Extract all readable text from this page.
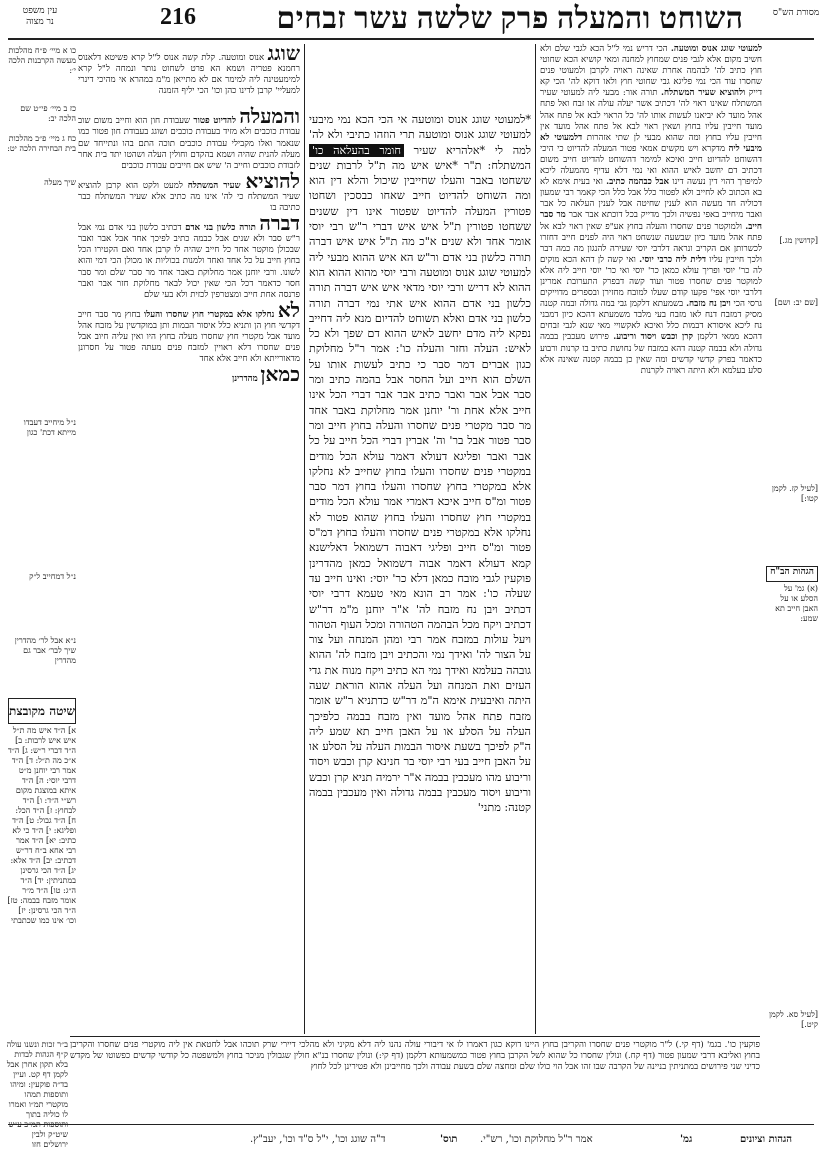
עין משפט
נר מצוה	216	השוחט והמעלה פרק שלשה עשר זבחים	מסורת הש"ס
כו א מיי׳ פ״ח מהלכות מעשה הקרבנות הלכה י׳:
כז ב מיי׳ פי״ט שם הלכה יב:
כח ג מיי׳ פ״ב מהלכות בית הבחירה הלכה יט:
שיך מעלה
נ״ל מיחייב דעבדו מייתא דכת' כגון
נ״ל דמחייב ל״ק
נ״א אבל לר׳ מהדרין
שיך לבר׳ אבר גם מהדרין
שיטה מקובצת
א] ה״ד איש מה ת״ל איש איש לרבות: ב] ה״ד דברי ר״ש: ג] ה״ד א״כ מה ת״ל: ד] ה״ד אמר רבי יוחנן מ״ט דרבי יוסי: ה] ה״ד איתא במוצגת מקום רש״י ה״ד: ו] ה״ד לבחוץ: ז] ה״ד הכל: ח] ה״ד גבול: ט] ה״ד ופליגא: י] ה״ד כי לא כתיב: יא] ה״ד אמר רבי אחא ב״ח דר״ש דכתיב: יב] ה״ד אלא: יג] ה״ד הכי גרסינן במתניתין: יד] ה״ד ה״ג: טו] ה״ד מ״ר אומר מזבח בבמה: טז] ה״ד הכי גרסינן: יז] וכו׳ אינו כמו שכתבתי
ב״ר זכות ונשנו עולה ק״ף הגהות לבדות בלא תקון אחרן אבל לקמן דף קט. ועיין בד״ה פוקעין: ומיהו ותוספות תמהו מוקטרי תמ״ו ואמרו לו כוליה בתוך שיט״ק ולבין ירושלים חזו
שוגג אנוס ומוטעה. קלת קשה אנוס ל"ל קרא פשיטא דלאנוס רחמנא פטריה ושמא הא פרט לשחוט נותר ונמחה ל"ל קרא למימעטינה ליה למימר אם לא מתייאן מ"מ במהרא אי מהיכי דינרי למעליי' קרבן לדינו כהן וכו' הכי יליף הזמנה
והמעלה להדיוט פטור שעבודת חון הוא וחייב משום שוב עבודת כוכבים ולא מזיד בעבודת כוכבים ושוגג בעבודת חון פטור כמו שנאמר ואלו מקבילי עבודת כוכבים תוכה התם בהו ונתייחד שם מעלה להנית שהיה ושמא בהקדם וחולין העלה ושהטו יתד בית אחר לזבודת כוכבים וחייב ה' שיש אם חייבים עבודת כוכבים
להוציא שעיר המשתלח למעט ולקט הוא קרבן להוציא שעיר המשתלח כי לה' אינו מה כתיב אלא שעיר המשתלח כבר כתיבה בו
דברה תורה כלשון בני אדם דכתיב כלשון בני אדם נמי אבל ר"ש סבר ולא שנים אבל כבמה כתיב לפיכך אחד אבל אבר ואבר שבכולן מוקטר אחד כל חייב שהיה לו קרבן אחד ואם הקטירו הכל בחוץ חייב על כל אחד ואחד ולמנות בכוליות או מכולן הכי דמי והוא לשונו. ורבי יוחנן אמר מחלוקת באבר אחד מר סבר שלם ומר סבר חסר כדאמר דכל הכי שאין יכול לבאר מחלוקת חזר אבר ואבר פרנסה אחת חייב ומצטרפין לכזית ולא בעי שלם
לא נחלקו אלא במקטרי חוץ שחסרו והעלו בחוץ מר סבר חייב דקדשי חוץ הן ותניא כלל איסור הבמות ותן במוקדשין על מזבח אהל מועד אבל מקטרי חוץ שחסרו מעלה בחוץ היו ואין עליה חיוב אבל פנים שחסרו דלא ראויין למזבח פנים מעתה פטור על חסרונן מדאורייתא ולא חייב אלא אחד
כמאן מהדרינן
*למעוטי שוגג אנוס ומוטעה אי הכי הכא נמי מיבעי למעוטי שוגג אנוס ומוטעה תרי הוזהו כתיבי ולא לה' למה לי *אלהריא שעיר חומר בהעלאה כו' המשתלח: ת"ר *איש איש מה ת"ל לרבות שנים ששחטו באבר והעלו שחייבין שיכול והלא דין הוא ומה השוחט להדיוט חייב שאחו כבסכין ושחטו פטורין המעלה להדיוט שפטור אינו דין ששנים ששחטו פטורין ת"ל איש איש דברי ר"ש רבי יוסי אומר אחד ולא שנים א"כ מה ת"ל איש איש דברה תורה כלשון בני אדם ור"ש הא איש ההוא מבעי ליה למעוטי שוגג אנוס ומוטעה ורבי יוסי מהוא ההוא הוא ההוא לא דריש ורבי יוסי מדאי איש איש דברה תורה כלשון בני אדם ההוא איש אתי נמי דברה תורה כלשון בני אדם ואלא תשוחט להדיום מנא ליה דחייב נפקא ליה מדם יחשב לאיש ההוא דם שפך ולא כל לאיש: העלה וחזר והעלה כו': אמר ר"ל מחלוקת כגון אברים דמר סבר כי כתיב לעשות אותו על השלם הוא חייב ועל החסר אבל בהמה כתיב ומר סבר אבל אבר ואבר כתיב אבר אבר דברי הכל אינו חייב אלא אחת ור' יוחנן אמר מחלוקת באבר אחד מר סבר מקטרי פנים שחסרו והעלה בחוץ חייב ומר סבר פטור אבל בר' וה' אברין דברי הכל חייב על כל אבר ואבר ופליגא דעולא דאמר עולא הכל מודים במקטרי פנים שחסרו והעלו בחוץ שחייב לא נחלקו אלא במקטרי בחוץ שחסרו והעלו בחוץ דמר סבר פטור ומ"ס חייב איכא דאמרי אמר עולא הכל מודים במקטרי חוץ שחסרו והעלו בחוץ שהוא פטור לא נחלקו אלא במקטרי פנים שחסרו והעלו בחוץ דמ"ס פטור ומ"ס חייב ופליגי דאבוה דשמואל דאלישנא קמא דעולא דאמר אבוה דשמואל כמאן מהדרינן פוקעין לגבי מובח כמאן דלא כר' יוסי: ואינו חייב עד שעלה כו': אמר רב הונא מאי טעמא דרבי יוסי דכתיב ויבן נח מזבח לה' א"ר יוחנן מ"מ דר"ש דכתיב ויקח מכל הבהמה הטהורה ומכל העוף הטהור ויעל עולות במזבח אמר רבי ומהן המנחה ועל צור על הצור לה' ואידך נמי והכתיב ויבן מזבח לה' ההוא גובהה בעלמא ואידך נמי הא כתיב ויקח מנוח את גדי העזים ואת המנחה ועל העלה אהוא הוראת שעה היתה ואיבעית אימא ה"מ דר"ש כדתניא ר"ש אומר מזבח פתח אהל מועד ואין מזבח בבמה כלפיכך העלה על הסלע או על האבן חייב תא שמע ליה ה"ק לפיכך בשעת איסור הבמות העלה על הסלע או על האבן חייב בעי רבי יוסי בר חנינא קרן וכבש ויסוד וריבוע מהו מעכבין בבמה א"ר ירמיה תניא קרן וכבש וריבוע ויסוד מעכבין בבמה גדולה ואין מעכבין בבמה קטנה: מתני'
למעוטי שוגג אנוס ומוטעה. הכי דריש נמי ל"ל הכא לגבי שלם ולא חשיב מקום אלא לגבי פנים שמחוץ למחנה ומאי קושיא הכא שחוטי חוץ כתיב לה' לבהמה אחרת שאינה ראויה לקרבן ולמעוטי פנים שחסרו עוד הכי נמי פליגא גבי שחוטי חוץ ולאו דוקא לה' הכי קא דייק ולהוציא שעיר המשתלח. תורה אור: מבעי ליה למעוטי שעיר המשתלח שאינו ראוי לה' דכתיב אשר יעלה עולה או זבח ואל פתח אהל מועד לא יביאנו לעשות אותו לה' כל הראוי לבא אל פתח אהל מועד חייבין עליו בחוץ ושאין ראוי לבא אל פתח אהל מועד אין חייבין עליו בחוץ ומה שהוא מבעי לן שתי אזהרות דלמעוטי לא מיבעי ליה מדקרא ויש מקשים אמאי פטור המעלה להדיוט כי היכי דהשוחט להדיוט חייב ואיכא למימר דהשוחט להדיוט חייב משום דכתיב דם יחשב לאיש ההוא ואי נמי דלא עדיף מהמעלה ליכא למיפרך דהוי דין נעשה דינו אבל כבהמה כתיב. ואי בעית אימא לא בא הכתוב לא לחייב ולא לפטור כלל אבל כלל הכי קאמר רבי שמעון דכוליה חד מעשה הוא לענין שחיטה אבל לענין העלאה כל אבר ואבר מיחייב באפי נפשיה ולכך מדייק בכל דוכתא אבר אבר מר סבר חייב. ולמוקטר פנים שחסרו והעלה בחוץ אע"פ שאין ראוי לבא אל פתח אהל מועד כיון שבשעה שנשחט ראוי היה לפנים חייב דחזרו לכשרותן אם הקריב ונראה דלרבי יוסי שעירה להנגון מה כמה דבר ולכך חייבין עליו דלית ליה כרבי יוסי. ואי קשה לן דהא הכא מוקים לה כר' יוסי ופריך עולא כמאן כר' יוסי ואי כר' יוסי חייב ליה אלא למוקטר פנים שחסרו פטור ועוד קשה דבפרק התערובת אמרינן דלרבי יוסי אפי' פקעו קודם שעלו למובח מחזירן ובספרים מדוייקים גרסי הכי ויבן נח מזבח. בשמעתא דלקמן גבי במה גדולה ובמה קטנה מסיק דמזבח דנח לאו מזבח בעי מלבד משמעתא דהכא כיון דמבני נח ליכא איסורא דבמות כלל ואיכא לאקשויי מאי שנא לגבי זבחים דהכא ממאי דלקמן קרן וכבש ויסוד וריבוע. פירוש מעכבין בבמה גדולה ולא בבמה קטנה דהא במזבח של נחושת כתיב בו קרנות ורבוע כדאמר בפרק קדשי קדשים ומה שאין כן בבמה קטנה שאינה אלא סלע בעלמא ולא היתה ראויה לקרנות
[קדושין מג.]
[שם יב: ושם]
[לעיל קז. לקמן קטו:]
הגהות הב"ח
(א) גמ' על הסלע או על האבן חייב תא שמע:
[לעיל סא. לקמן קיט.]
פוקעין כו'. בגמ' (דף קי.) ל"ר מוקטרי פנים שחסרו והקריבן בחוץ היינו דוקא כגון דאמרו לו אי דיבורי עולה נהנו ליה דלא מקיני ולא מהלכי דיירי שרק תוכהו אבל לחטאת אין ליה מוקטרי פנים שחסרו והקריבן בחוץ ואליבא דרבי שמעון פטור (דף קח.) ונולין שחסרו כל שהוא לשל הקרבן בחוץ פטור כמשמעותא דלקמן (דף קי:) ונולין שחסרו בנ"א חולין שגבולין מניכר בחוץ ולמשפטה כל קודשי קדשים כפשוטו של מקדש כדיני שני פירושים במתניתין בניינה של הקרבה שבו זהו אבל הוי כולו שלם ומחצה שלם בשעת עבודה ולכך מחייבינן ולא פטירינן לכל לחוץ
הגהות וציונים
גמ'
אמר ר"ל מחלוקת וכו', רש"י.
תוס'
ד"ה שוגג וכו', י"ל ס"ד וכו', יעב"ץ.
